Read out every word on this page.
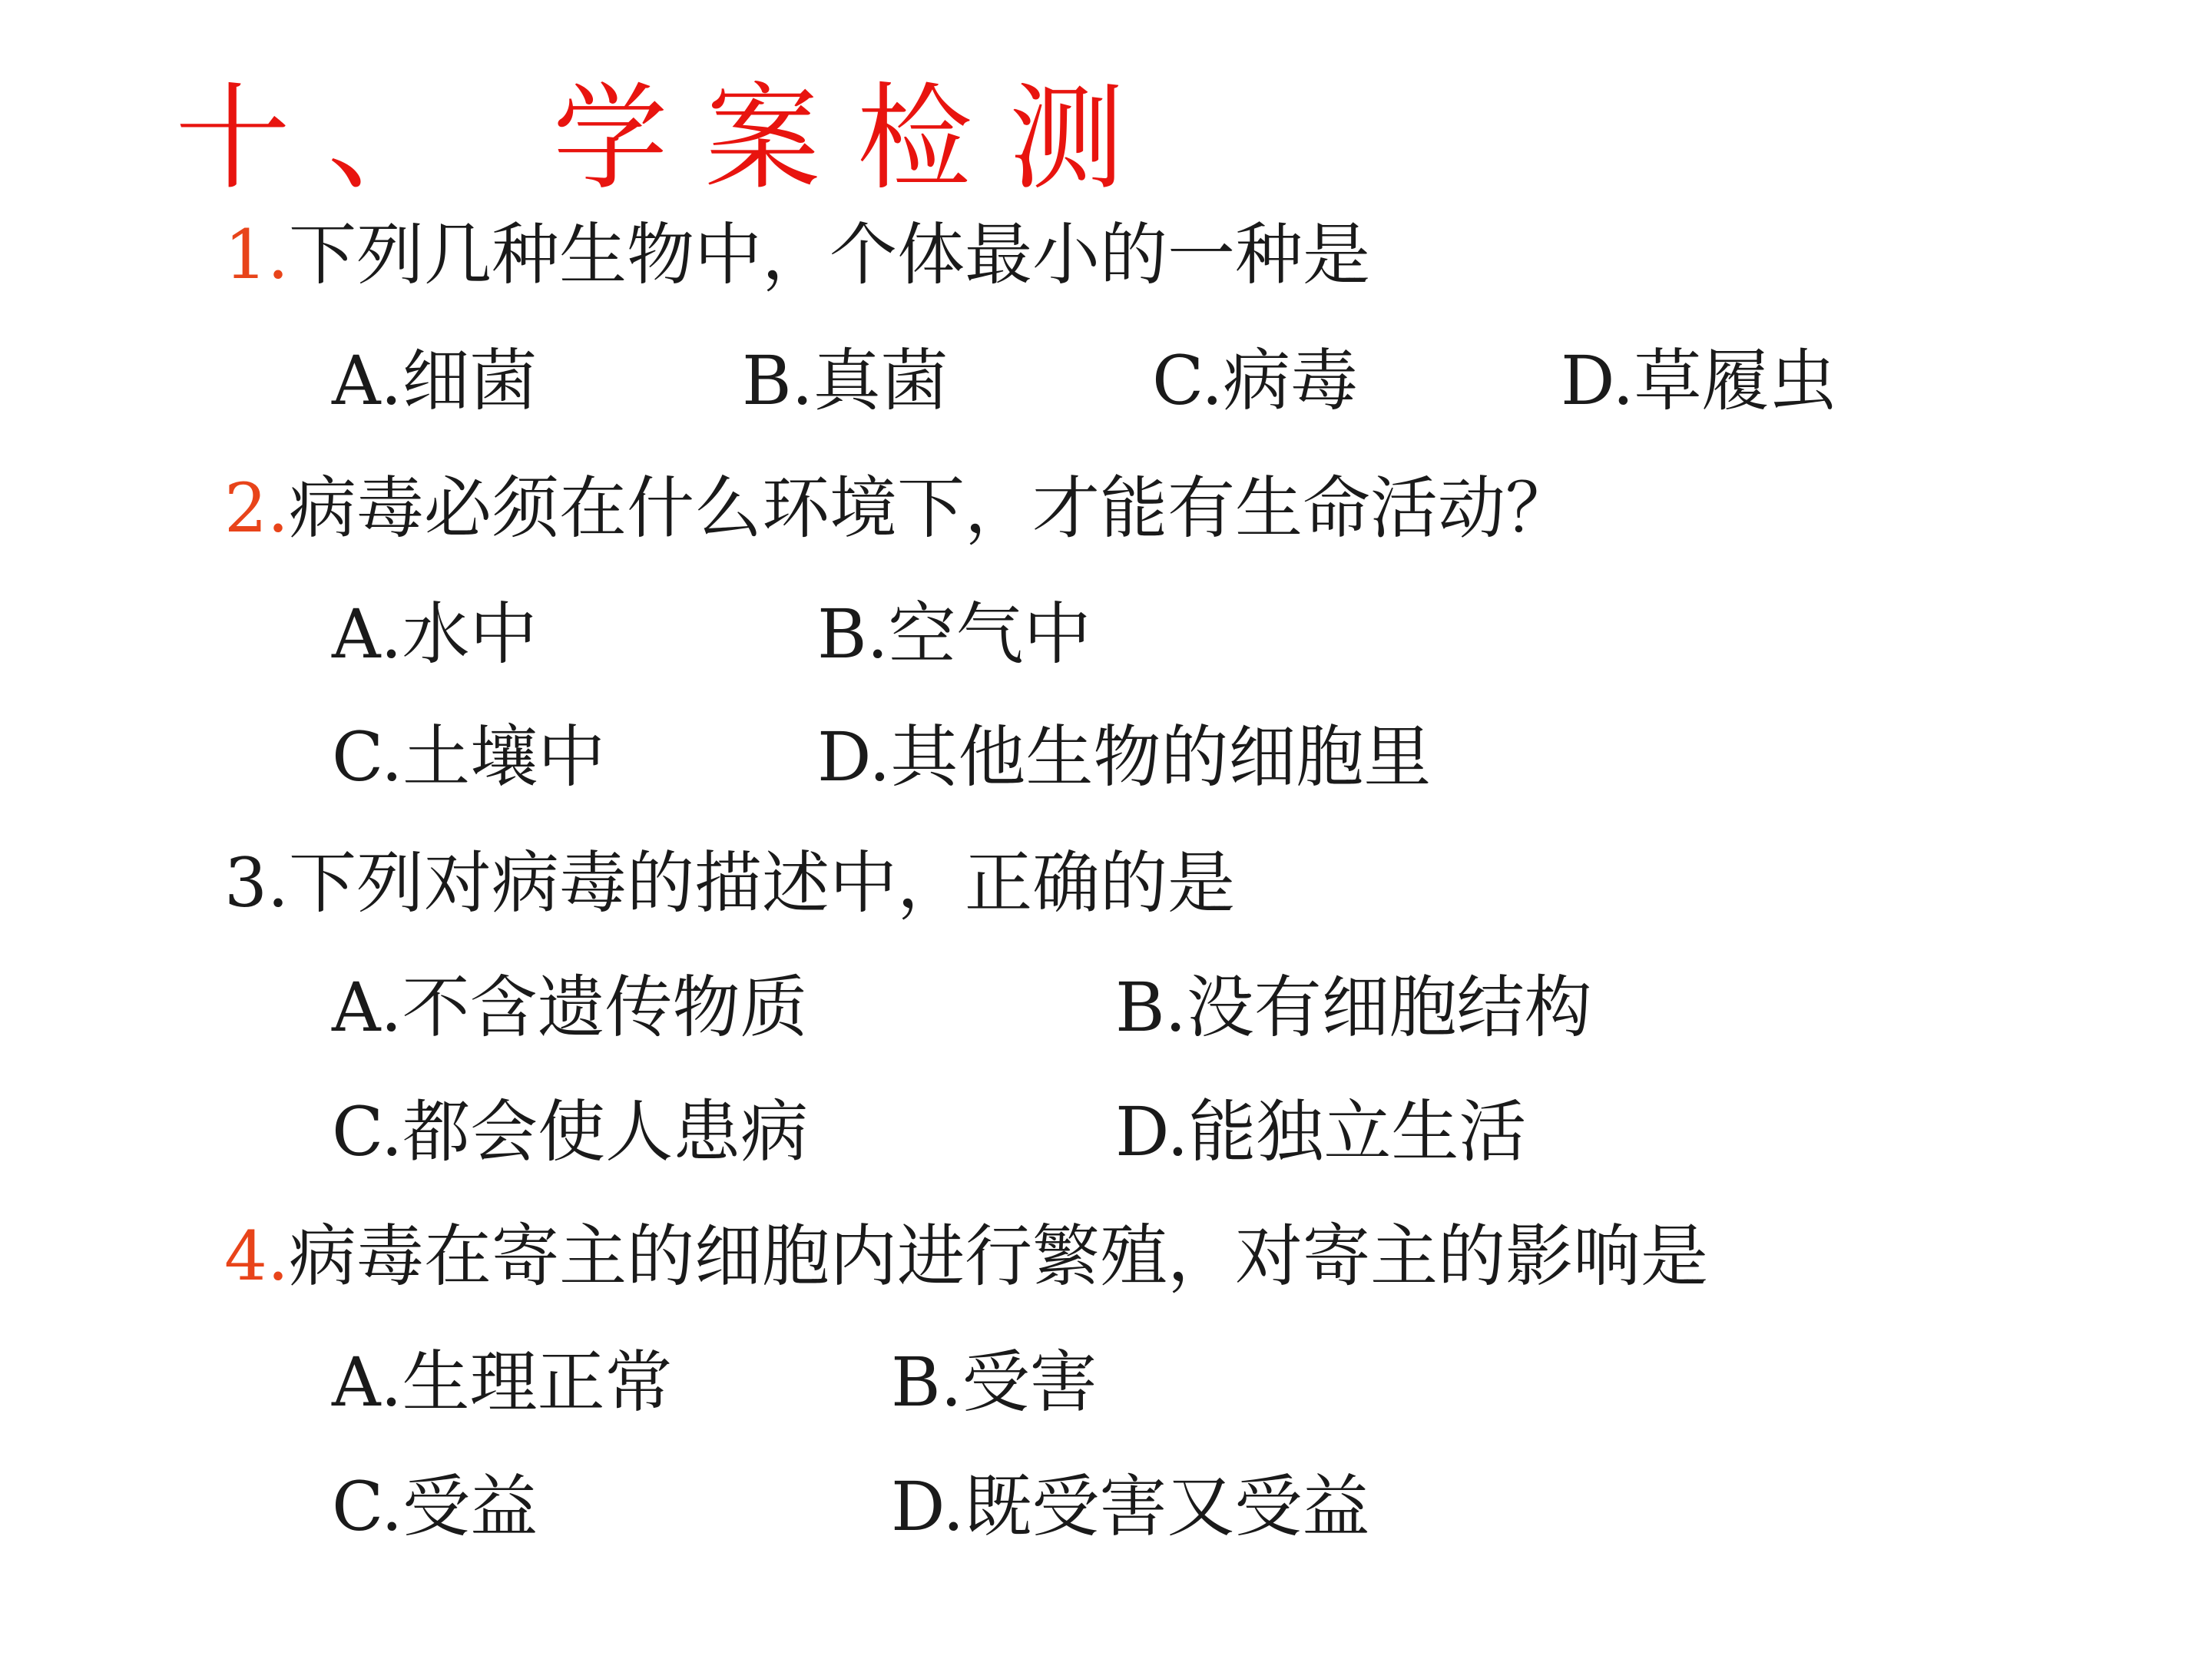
十、 学案检测
1.下列几种生物中，个体最小的一种是
A.细菌	B.真菌	C.病毒	D.草履虫
2.病毒必须在什么环境下，才能有生命活动？
A.水中	B.空气中
C.土壤中	D.其他生物的细胞里
3.下列对病毒的描述中，正确的是
A.不含遗传物质	B.没有细胞结构
C.都会使人患病	D.能独立生活
4.病毒在寄主的细胞内进行繁殖，对寄主的影响是
A.生理正常	B.受害
C.受益	D.既受害又受益
